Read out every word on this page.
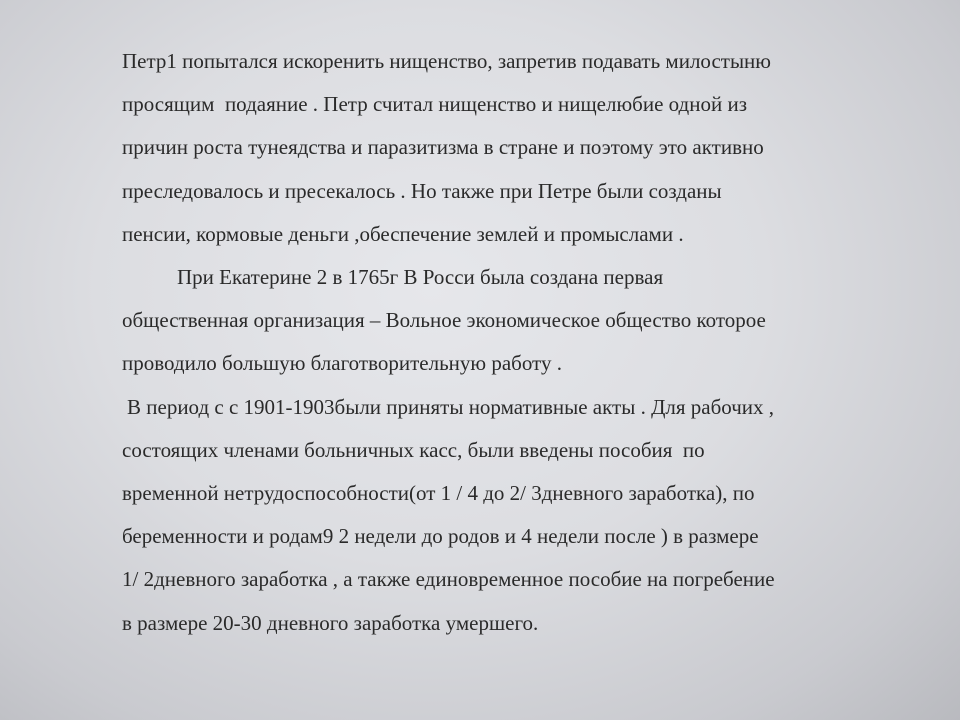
Петр1 попытался искоренить нищенство, запретив подавать милостыню
просящим  подаяние . Петр считал нищенство и нищелюбие одной из
причин роста тунеядства и паразитизма в стране и поэтому это активно
преследовалось и пресекалось . Но также при Петре были созданы
пенсии, кормовые деньги ,обеспечение землей и промыслами .
При Екатерине 2 в 1765г В Росси была создана первая
общественная организация – Вольное экономическое общество которое
проводило большую благотворительную работу .
В период с с 1901-1903были приняты нормативные акты . Для рабочих ,
состоящих членами больничных касс, были введены пособия  по
временной нетрудоспособности(от 1 / 4 до 2/ 3дневного заработка), по
беременности и родам9 2 недели до родов и 4 недели после ) в размере
1/ 2дневного заработка , а также единовременное пособие на погребение
в размере 20-30 дневного заработка умершего.
